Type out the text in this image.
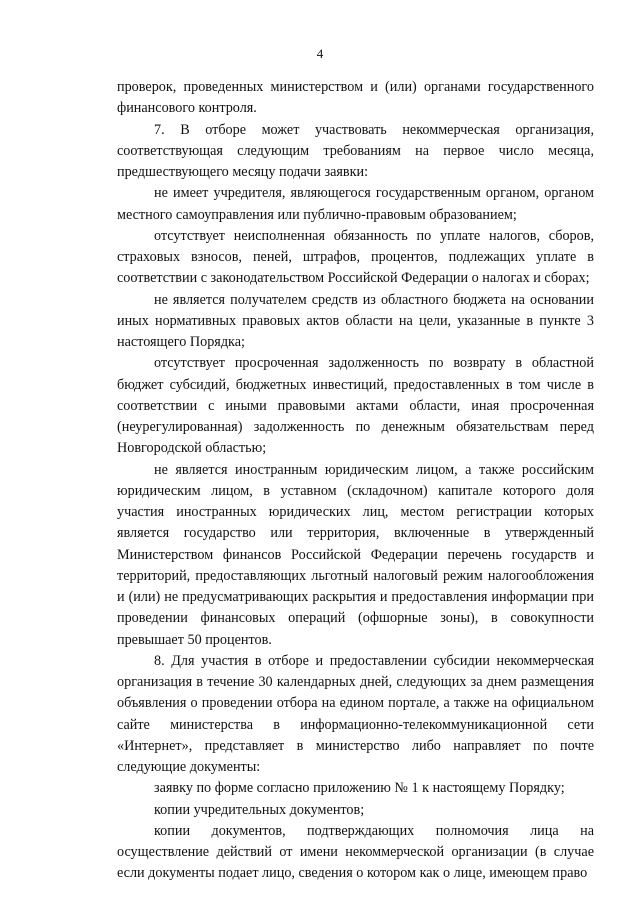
4

проверок, проведенных министерством и (или) органами государственного финансового контроля.

7. В отборе может участвовать некоммерческая организация, соответствующая следующим требованиям на первое число месяца, предшествующего месяцу подачи заявки:

не имеет учредителя, являющегося государственным органом, органом местного самоуправления или публично-правовым образованием;

отсутствует неисполненная обязанность по уплате налогов, сборов, страховых взносов, пеней, штрафов, процентов, подлежащих уплате в соответствии с законодательством Российской Федерации о налогах и сборах;

не является получателем средств из областного бюджета на основании иных нормативных правовых актов области на цели, указанные в пункте 3 настоящего Порядка;

отсутствует просроченная задолженность по возврату в областной бюджет субсидий, бюджетных инвестиций, предоставленных в том числе в соответствии с иными правовыми актами области, иная просроченная (неурегулированная) задолженность по денежным обязательствам перед Новгородской областью;

не является иностранным юридическим лицом, а также российским юридическим лицом, в уставном (складочном) капитале которого доля участия иностранных юридических лиц, местом регистрации которых является государство или территория, включенные в утвержденный Министерством финансов Российской Федерации перечень государств и территорий, предоставляющих льготный налоговый режим налогообложения и (или) не предусматривающих раскрытия и предоставления информации при проведении финансовых операций (офшорные зоны), в совокупности превышает 50 процентов.

8. Для участия в отборе и предоставлении субсидии некоммерческая организация в течение 30 календарных дней, следующих за днем размещения объявления о проведении отбора на едином портале, а также на официальном сайте министерства в информационно-телекоммуникационной сети «Интернет», представляет в министерство либо направляет по почте следующие документы:

заявку по форме согласно приложению № 1 к настоящему Порядку;

копии учредительных документов;

копии документов, подтверждающих полномочия лица на осуществление действий от имени некоммерческой организации (в случае если документы подает лицо, сведения о котором как о лице, имеющем право
